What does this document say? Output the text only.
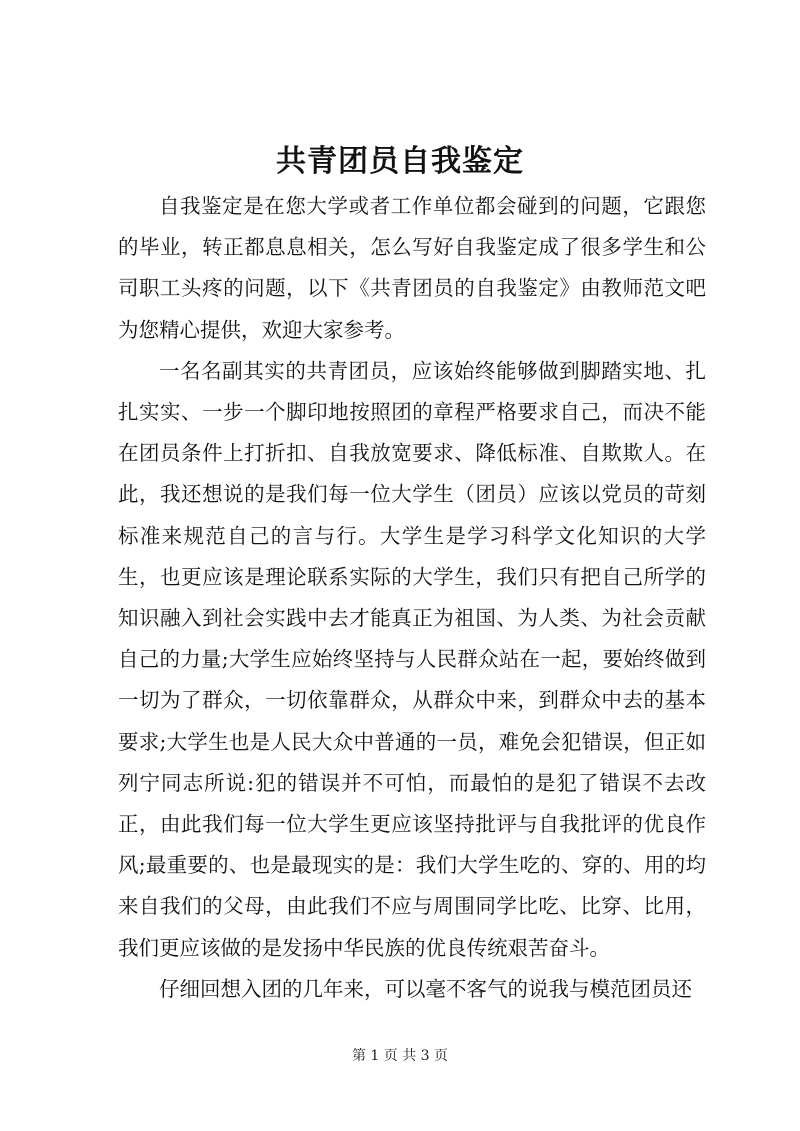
共青团员自我鉴定

自我鉴定是在您大学或者工作单位都会碰到的问题，它跟您的毕业，转正都息息相关，怎么写好自我鉴定成了很多学生和公司职工头疼的问题，以下《共青团员的自我鉴定》由教师范文吧为您精心提供，欢迎大家参考。

一名名副其实的共青团员，应该始终能够做到脚踏实地、扎扎实实、一步一个脚印地按照团的章程严格要求自己，而决不能在团员条件上打折扣、自我放宽要求、降低标准、自欺欺人。在此，我还想说的是我们每一位大学生（团员）应该以党员的苛刻标准来规范自己的言与行。大学生是学习科学文化知识的大学生，也更应该是理论联系实际的大学生，我们只有把自己所学的知识融入到社会实践中去才能真正为祖国、为人类、为社会贡献自己的力量;大学生应始终坚持与人民群众站在一起，要始终做到一切为了群众，一切依靠群众，从群众中来，到群众中去的基本要求;大学生也是人民大众中普通的一员，难免会犯错误，但正如列宁同志所说:犯的错误并不可怕，而最怕的是犯了错误不去改正，由此我们每一位大学生更应该坚持批评与自我批评的优良作风;最重要的、也是最现实的是：我们大学生吃的、穿的、用的均来自我们的父母，由此我们不应与周围同学比吃、比穿、比用，我们更应该做的是发扬中华民族的优良传统艰苦奋斗。

仔细回想入团的几年来，可以毫不客气的说我与模范团员还

第 1 页 共 3 页
